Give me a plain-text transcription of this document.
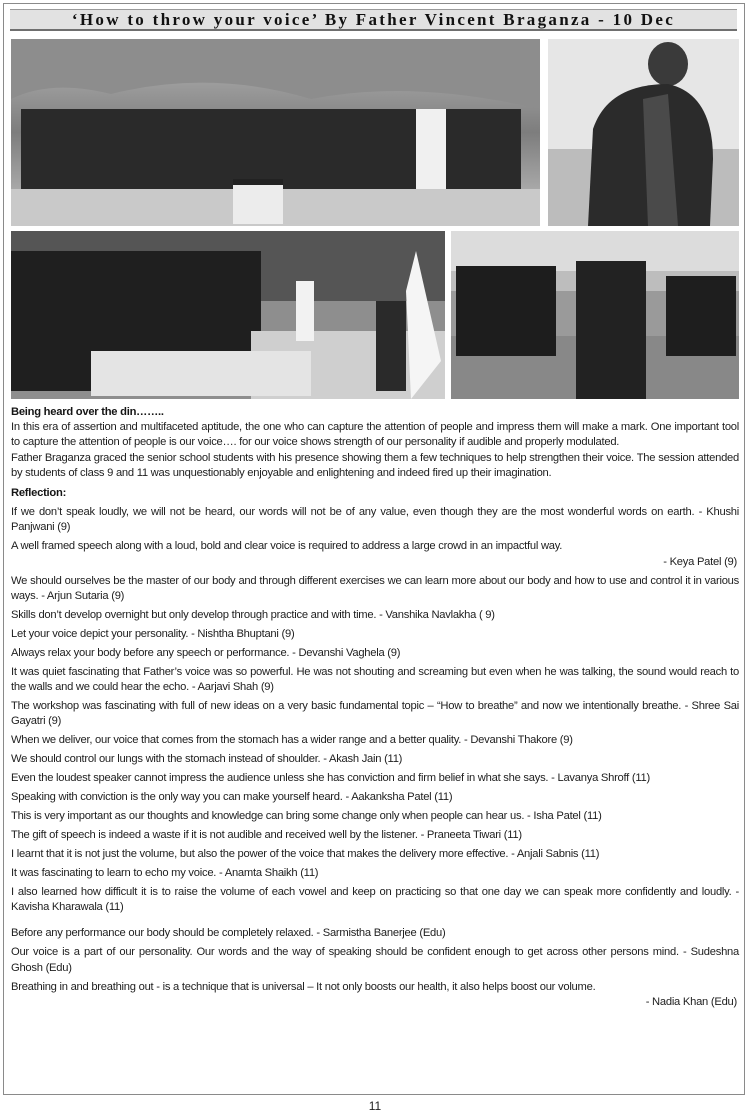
‘How to throw your voice’ By Father Vincent Braganza - 10 Dec
Being heard over the din……..

In this era of assertion and multifaceted aptitude, the one who can capture the attention of people and impress them will make a mark. One important tool to capture the attention of people is our voice…. for our voice shows strength of our personality if audible and properly modulated.

Father Braganza graced the senior school students with his presence showing them a few techniques to help strengthen their voice. The session attended by students of class 9 and 11 was unquestionably enjoyable and enlightening and indeed fired up their imagination.

Reflection:

If we don’t speak loudly, we will not be heard, our words will not be of any value, even though they are the most wonderful words on earth. - Khushi Panjwani (9)

A well framed speech along with a loud, bold and clear voice is required to address a large crowd in an impactful way.
- Keya Patel (9)

We should ourselves be the master of our body and through different exercises we can learn more about our body and how to use and control it in various ways. - Arjun Sutaria (9)

Skills don’t develop overnight but only develop through practice and with time. - Vanshika Navlakha ( 9)

Let your voice depict your personality. - Nishtha Bhuptani (9)

Always relax your body before any speech or performance. - Devanshi Vaghela (9)

It was quiet fascinating that Father’s voice was so powerful. He was not shouting and screaming but even when he was talking, the sound would reach to the walls and we could hear the echo. - Aarjavi Shah (9)

The workshop was fascinating with full of new ideas on a very basic fundamental topic – “How to breathe” and now we intentionally breathe. - Shree Sai Gayatri (9)

When we deliver, our voice that comes from the stomach has a wider range and a better quality. - Devanshi Thakore (9)

We should control our lungs with the stomach instead of shoulder. - Akash Jain (11)

Even the loudest speaker cannot impress the audience unless she has conviction and firm belief in what she says. - Lavanya Shroff (11)

Speaking with conviction is the only way you can make yourself heard. - Aakanksha Patel (11)

This is very important as our thoughts and knowledge can bring some change only when people can hear us. - Isha Patel (11)

The gift of speech is indeed a waste if it is not audible and received well by the listener. - Praneeta Tiwari (11)

I learnt that it is not just the volume, but also the power of the voice that makes the delivery more effective. - Anjali Sabnis (11)

It was fascinating to learn to echo my voice. - Anamta Shaikh (11)

I also learned how difficult it is to raise the volume of each vowel and keep on practicing so that one day we can speak more confidently and loudly. - Kavisha Kharawala (11)

Before any performance our body should be completely relaxed. - Sarmistha Banerjee (Edu)

Our voice is a part of our personality. Our words and the way of speaking should be confident enough to get across other persons mind. - Sudeshna Ghosh (Edu)

Breathing in and breathing out - is a technique that is universal – It not only boosts our health, it also helps boost our volume.
- Nadia Khan (Edu)

11
